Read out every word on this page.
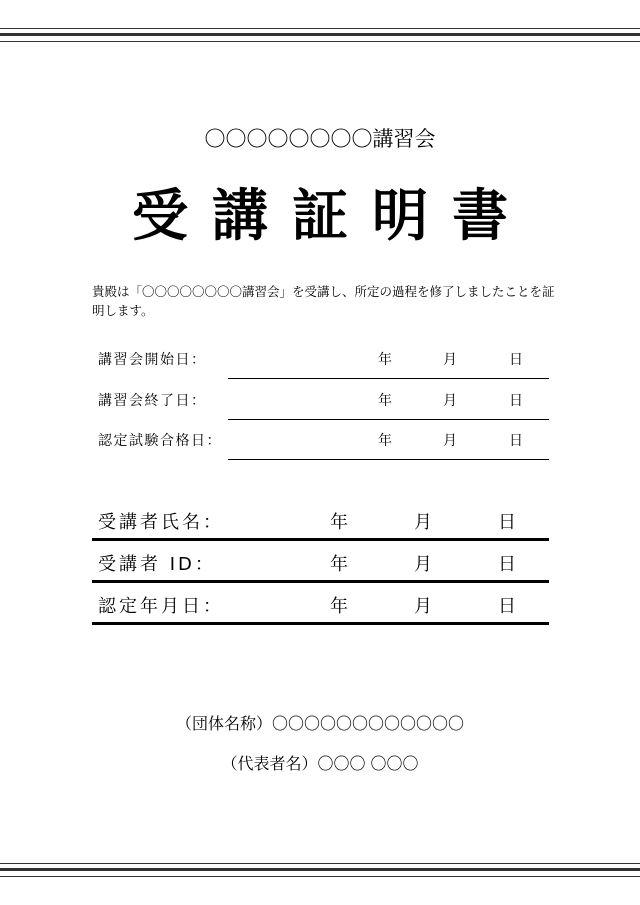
〇〇〇〇〇〇〇〇講習会
受講証明書
貴殿は「〇〇〇〇〇〇〇〇講習会」を受講し、所定の過程を修了しましたことを証明します。
講習会開始日：	年	月	日
講習会終了日：	年	月	日
認定試験合格日：	年	月	日
受講者氏名：	年	月	日
受講者 ID：	年	月	日
認定年月日：	年	月	日
（団体名称）〇〇〇〇〇〇〇〇〇〇〇〇
（代表者名）〇〇〇 〇〇〇
